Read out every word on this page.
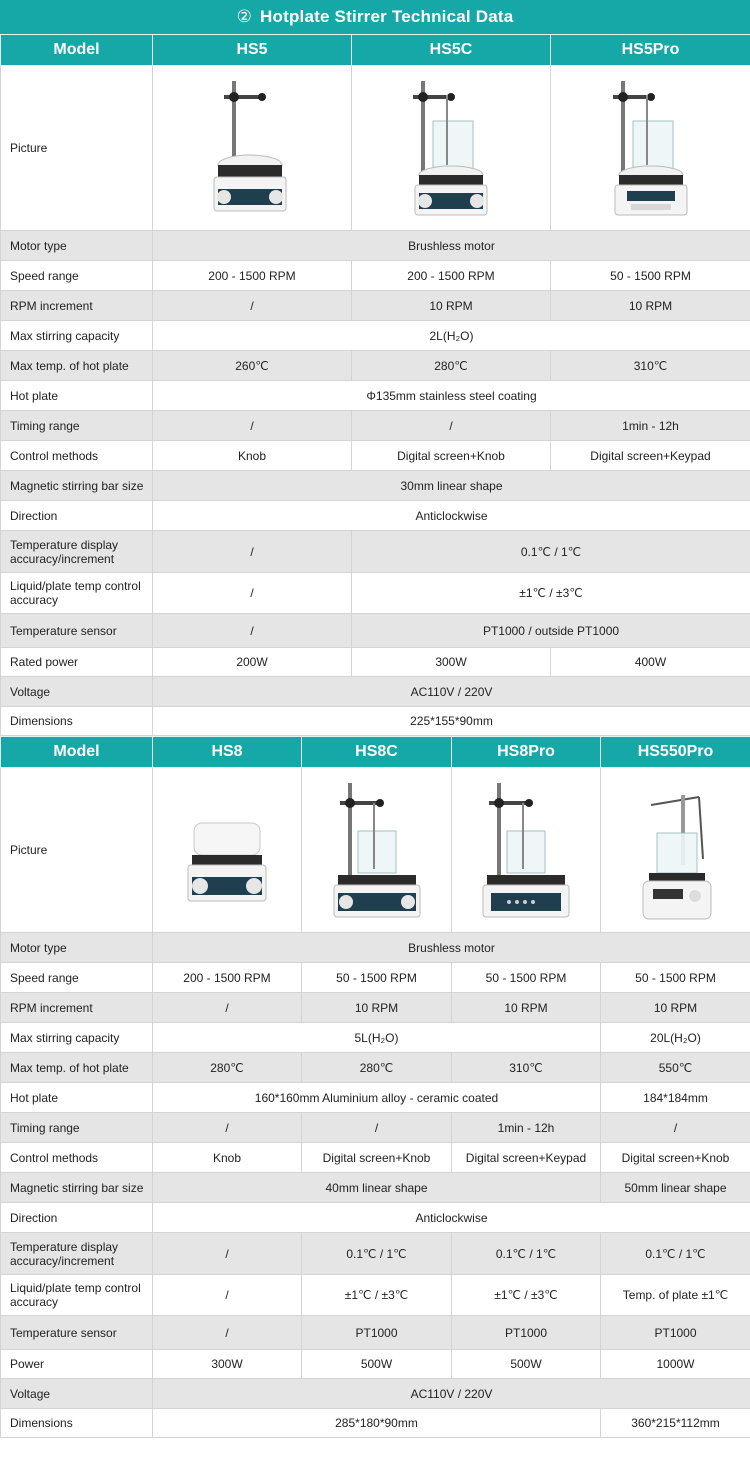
② Hotplate Stirrer Technical Data
Model	HS5	HS5C	HS5Pro
Picture	

Motor type	Brushless motor		
Speed range	200 - 1500 RPM	200 - 1500 RPM	50 - 1500 RPM
RPM increment	/	10 RPM	10 RPM
Max stirring capacity	2L(H₂O)		
Max temp. of hot plate	260℃	280℃	310℃
Hot plate	Φ135mm stainless steel coating		
Timing range	/	/	1min - 12h
Control methods	Knob	Digital screen+Knob	Digital screen+Keypad
Magnetic stirring bar size	30mm linear shape		
Direction	Anticlockwise		
Temperature display accuracy/increment	/	0.1℃ / 1℃	
Liquid/plate temp control accuracy	/	±1℃ / ±3℃	
Temperature sensor	/	PT1000 / outside PT1000	
Rated power	200W	300W	400W
Voltage	AC110V / 220V		
Dimensions	225*155*90mm		
Model	HS8	HS8C	HS8Pro	HS550Pro
Picture	

Motor type	Brushless motor			
Speed range	200 - 1500 RPM	50 - 1500 RPM	50 - 1500 RPM	50 - 1500 RPM
RPM increment	/	10 RPM	10 RPM	10 RPM
Max stirring capacity	5L(H₂O)			20L(H₂O)
Max temp. of hot plate	280℃	280℃	310℃	550℃
Hot plate	160*160mm Aluminium alloy - ceramic coated			184*184mm
Timing range	/	/	1min - 12h	/
Control methods	Knob	Digital screen+Knob	Digital screen+Keypad	Digital screen+Knob
Magnetic stirring bar size	40mm linear shape			50mm linear shape
Direction	Anticlockwise			
Temperature display accuracy/increment	/	0.1℃ / 1℃	0.1℃ / 1℃	0.1℃ / 1℃
Liquid/plate temp control accuracy	/	±1℃ / ±3℃	±1℃ / ±3℃	Temp. of plate ±1℃
Temperature sensor	/	PT1000	PT1000	PT1000
Power	300W	500W	500W	1000W
Voltage	AC110V / 220V			
Dimensions	285*180*90mm			360*215*112mm
